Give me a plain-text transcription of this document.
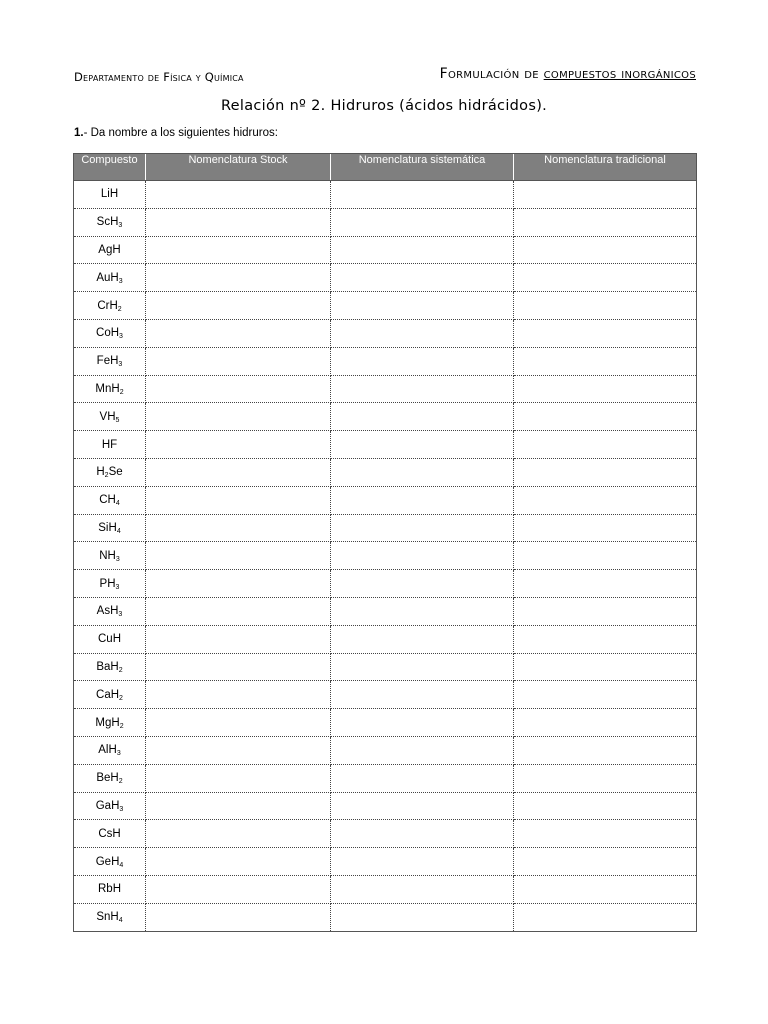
Departamento de Física y Química	Formulación de compuestos inorgánicos
Relación nº 2. Hidruros (ácidos hidrácidos).
1.- Da nombre a los siguientes hidruros:
Compuesto	Nomenclatura Stock	Nomenclatura sistemática	Nomenclatura tradicional
LiH			
ScH$_3$			
AgH			
AuH$_3$			
CrH$_2$			
CoH$_3$			
FeH$_3$			
MnH$_2$			
$VH_5$			
HF			
$H_2Se$			
$CH_4$			
SiH$_4$			
$NH_3$			
$PH_3$			
AsH$_3$			
CuH			
BaH$_2$			
CaH$_2$			
MgH$_2$			
AlH$_3$			
BeH$_2$			
GaH$_3$			
CsH			
GeH$_4$			
RbH			
SnH$_4$			
